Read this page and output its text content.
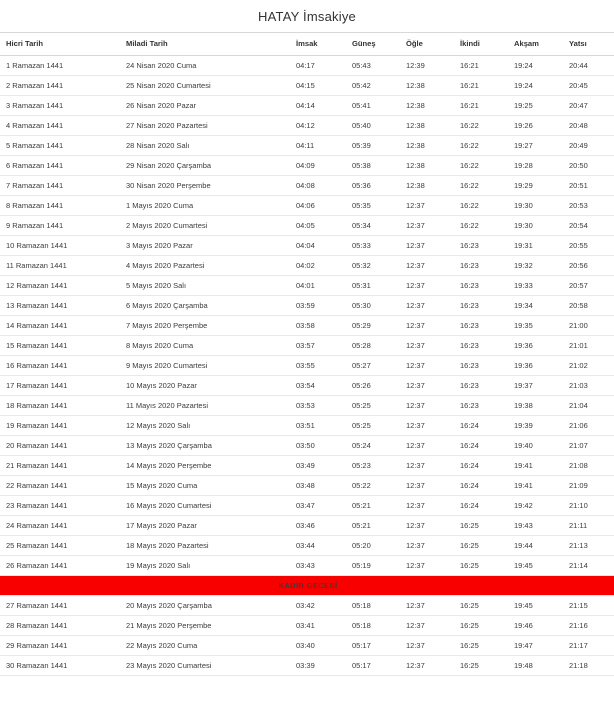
HATAY İmsakiye
Hicri Tarih	Miladi Tarih	İmsak	Güneş	Öğle	İkindi	Akşam	Yatsı
1 Ramazan 1441	24 Nisan 2020 Cuma	04:17	05:43	12:39	16:21	19:24	20:44
2 Ramazan 1441	25 Nisan 2020 Cumartesi	04:15	05:42	12:38	16:21	19:24	20:45
3 Ramazan 1441	26 Nisan 2020 Pazar	04:14	05:41	12:38	16:21	19:25	20:47
4 Ramazan 1441	27 Nisan 2020 Pazartesi	04:12	05:40	12:38	16:22	19:26	20:48
5 Ramazan 1441	28 Nisan 2020 Salı	04:11	05:39	12:38	16:22	19:27	20:49
6 Ramazan 1441	29 Nisan 2020 Çarşamba	04:09	05:38	12:38	16:22	19:28	20:50
7 Ramazan 1441	30 Nisan 2020 Perşembe	04:08	05:36	12:38	16:22	19:29	20:51
8 Ramazan 1441	1 Mayıs 2020 Cuma	04:06	05:35	12:37	16:22	19:30	20:53
9 Ramazan 1441	2 Mayıs 2020 Cumartesi	04:05	05:34	12:37	16:22	19:30	20:54
10 Ramazan 1441	3 Mayıs 2020 Pazar	04:04	05:33	12:37	16:23	19:31	20:55
11 Ramazan 1441	4 Mayıs 2020 Pazartesi	04:02	05:32	12:37	16:23	19:32	20:56
12 Ramazan 1441	5 Mayıs 2020 Salı	04:01	05:31	12:37	16:23	19:33	20:57
13 Ramazan 1441	6 Mayıs 2020 Çarşamba	03:59	05:30	12:37	16:23	19:34	20:58
14 Ramazan 1441	7 Mayıs 2020 Perşembe	03:58	05:29	12:37	16:23	19:35	21:00
15 Ramazan 1441	8 Mayıs 2020 Cuma	03:57	05:28	12:37	16:23	19:36	21:01
16 Ramazan 1441	9 Mayıs 2020 Cumartesi	03:55	05:27	12:37	16:23	19:36	21:02
17 Ramazan 1441	10 Mayıs 2020 Pazar	03:54	05:26	12:37	16:23	19:37	21:03
18 Ramazan 1441	11 Mayıs 2020 Pazartesi	03:53	05:25	12:37	16:23	19:38	21:04
19 Ramazan 1441	12 Mayıs 2020 Salı	03:51	05:25	12:37	16:24	19:39	21:06
20 Ramazan 1441	13 Mayıs 2020 Çarşamba	03:50	05:24	12:37	16:24	19:40	21:07
21 Ramazan 1441	14 Mayıs 2020 Perşembe	03:49	05:23	12:37	16:24	19:41	21:08
22 Ramazan 1441	15 Mayıs 2020 Cuma	03:48	05:22	12:37	16:24	19:41	21:09
23 Ramazan 1441	16 Mayıs 2020 Cumartesi	03:47	05:21	12:37	16:24	19:42	21:10
24 Ramazan 1441	17 Mayıs 2020 Pazar	03:46	05:21	12:37	16:25	19:43	21:11
25 Ramazan 1441	18 Mayıs 2020 Pazartesi	03:44	05:20	12:37	16:25	19:44	21:13
26 Ramazan 1441	19 Mayıs 2020 Salı	03:43	05:19	12:37	16:25	19:45	21:14
KADİR GECESİ							
27 Ramazan 1441	20 Mayıs 2020 Çarşamba	03:42	05:18	12:37	16:25	19:45	21:15
28 Ramazan 1441	21 Mayıs 2020 Perşembe	03:41	05:18	12:37	16:25	19:46	21:16
29 Ramazan 1441	22 Mayıs 2020 Cuma	03:40	05:17	12:37	16:25	19:47	21:17
30 Ramazan 1441	23 Mayıs 2020 Cumartesi	03:39	05:17	12:37	16:25	19:48	21:18
